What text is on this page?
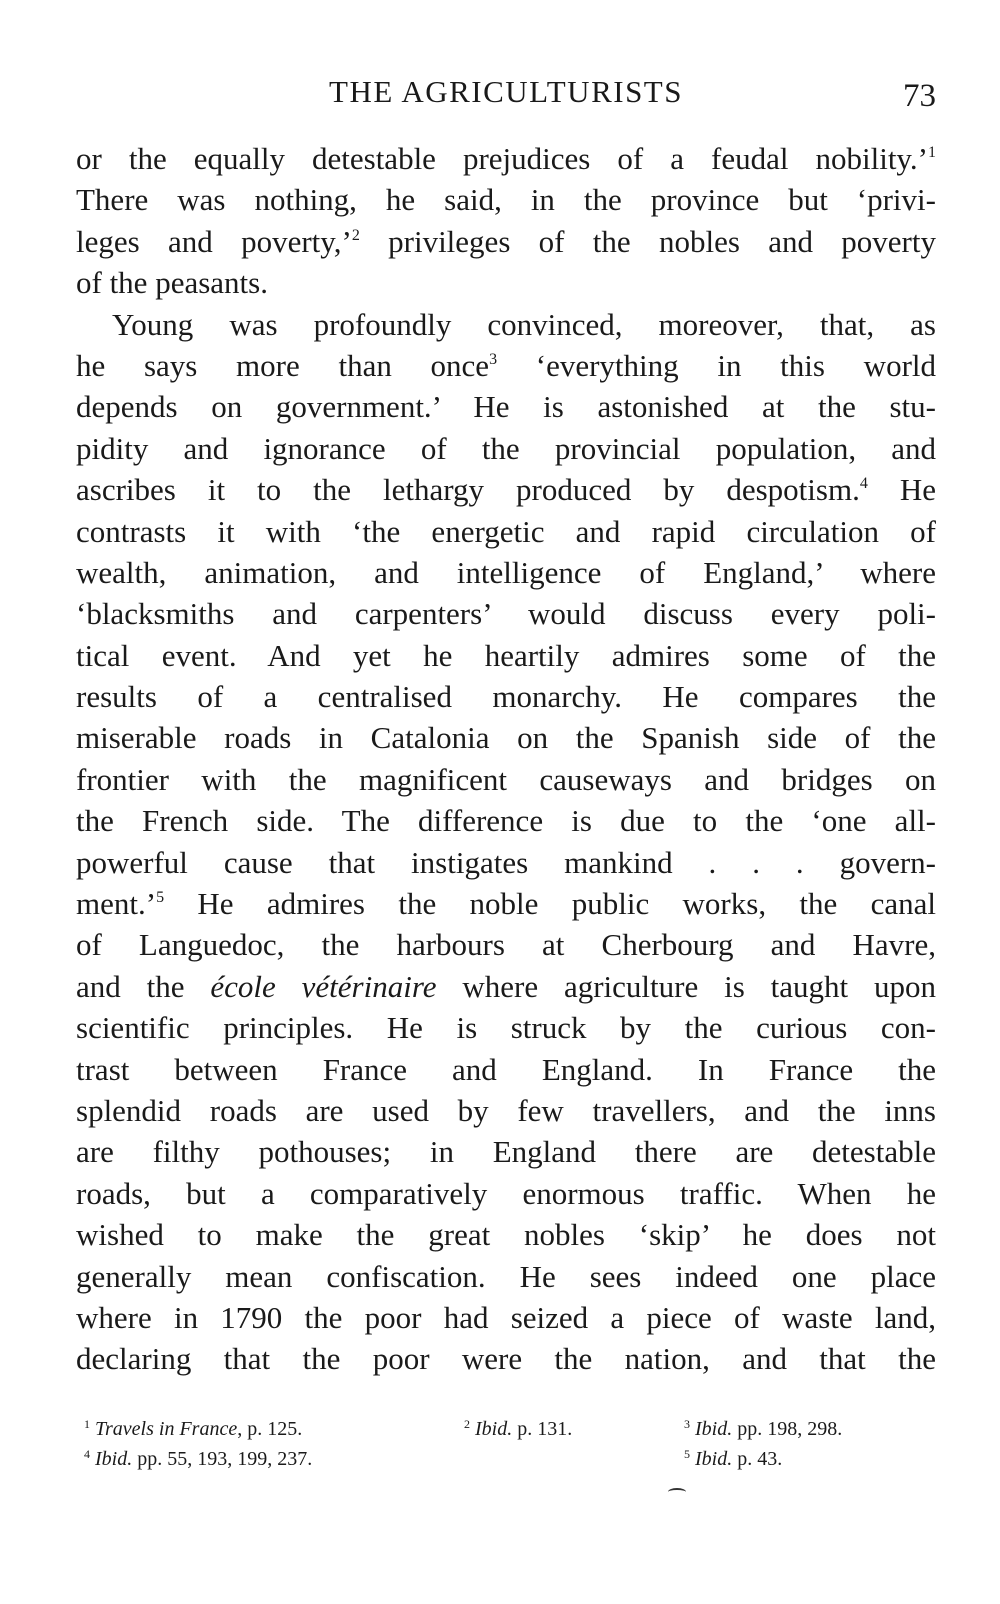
THE AGRICULTURISTS	73
or the equally detestable prejudices of a feudal nobility.’$^1$
There was nothing, he said, in the province but ‘privi-
leges and poverty,’$^2$ privileges of the nobles and poverty
of the peasants.
Young was profoundly convinced, moreover, that, as
he says more than once$^3$ ‘everything in this world
depends on government.’ He is astonished at the stu-
pidity and ignorance of the provincial population, and
ascribes it to the lethargy produced by despotism.$^4$ He
contrasts it with ‘the energetic and rapid circulation of
wealth, animation, and intelligence of England,’ where
‘blacksmiths and carpenters’ would discuss every poli-
tical event. And yet he heartily admires some of the
results of a centralised monarchy. He compares the
miserable roads in Catalonia on the Spanish side of the
frontier with the magnificent causeways and bridges on
the French side. The difference is due to the ‘one all-
powerful cause that instigates mankind . . . govern-
ment.’$^5$ He admires the noble public works, the canal
of Languedoc, the harbours at Cherbourg and Havre,
and the école vétérinaire where agriculture is taught upon
scientific principles. He is struck by the curious con-
trast between France and England. In France the
splendid roads are used by few travellers, and the inns
are filthy pothouses; in England there are detestable
roads, but a comparatively enormous traffic. When he
wished to make the great nobles ‘skip’ he does not
generally mean confiscation. He sees indeed one place
where in 1790 the poor had seized a piece of waste land,
declaring that the poor were the nation, and that the
$^1$ Travels in France, p. 125.	$^2$ Ibid. p. 131.	$^3$ Ibid. pp. 198, 298.
$^4$ Ibid. pp. 55, 193, 199, 237.	$^5$ Ibid. p. 43.
